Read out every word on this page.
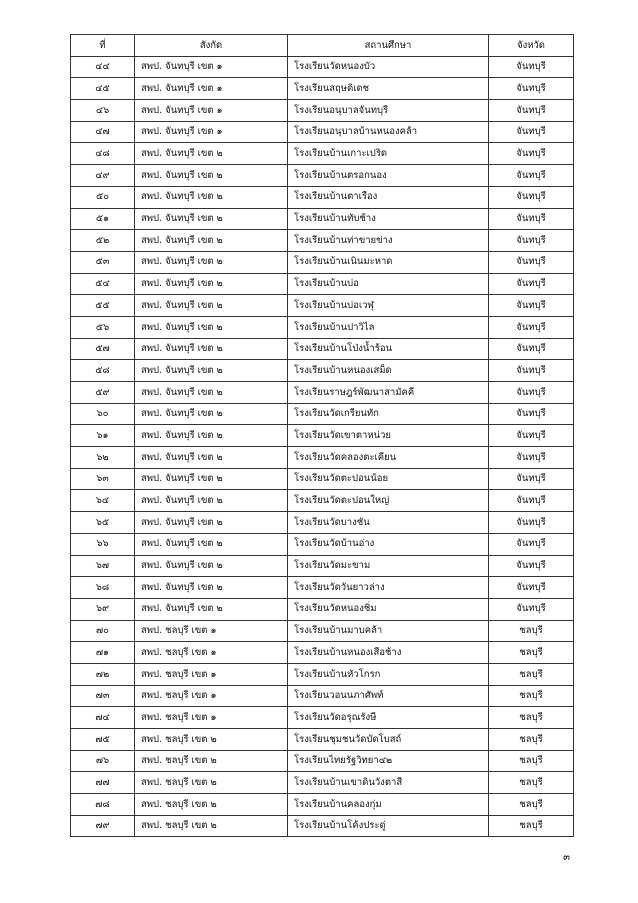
ที่	สังกัด	สถานศึกษา	จังหวัด
๔๔	สพป. จันทบุรี เขต ๑	โรงเรียนวัดหนองบัว	จันทบุรี
๔๕	สพป. จันทบุรี เขต ๑	โรงเรียนสฤษดิเดช	จันทบุรี
๔๖	สพป. จันทบุรี เขต ๑	โรงเรียนอนุบาลจันทบุรี	จันทบุรี
๔๗	สพป. จันทบุรี เขต ๑	โรงเรียนอนุบาลบ้านหนองคล้า	จันทบุรี
๔๘	สพป. จันทบุรี เขต ๒	โรงเรียนบ้านเกาะเปริด	จันทบุรี
๔๙	สพป. จันทบุรี เขต ๒	โรงเรียนบ้านตรอกนอง	จันทบุรี
๕๐	สพป. จันทบุรี เขต ๒	โรงเรียนบ้านตาเรือง	จันทบุรี
๕๑	สพป. จันทบุรี เขต ๒	โรงเรียนบ้านทับช้าง	จันทบุรี
๕๒	สพป. จันทบุรี เขต ๒	โรงเรียนบ้านท่าขายข่าง	จันทบุรี
๕๓	สพป. จันทบุรี เขต ๒	โรงเรียนบ้านเนินมะหาด	จันทบุรี
๕๔	สพป. จันทบุรี เขต ๒	โรงเรียนบ้านบ่อ	จันทบุรี
๕๕	สพป. จันทบุรี เขต ๒	โรงเรียนบ้านบ่อเวฬุ	จันทบุรี
๕๖	สพป. จันทบุรี เขต ๒	โรงเรียนบ้านปาวิไล	จันทบุรี
๕๗	สพป. จันทบุรี เขต ๒	โรงเรียนบ้านโป่งน้ำร้อน	จันทบุรี
๕๘	สพป. จันทบุรี เขต ๒	โรงเรียนบ้านหนองเสม็ด	จันทบุรี
๕๙	สพป. จันทบุรี เขต ๒	โรงเรียนราษฎร์พัฒนาสามัคคี	จันทบุรี
๖๐	สพป. จันทบุรี เขต ๒	โรงเรียนวัดเกรียนทัก	จันทบุรี
๖๑	สพป. จันทบุรี เขต ๒	โรงเรียนวัดเขาตาหน่วย	จันทบุรี
๖๒	สพป. จันทบุรี เขต ๒	โรงเรียนวัดคลองตะเคียน	จันทบุรี
๖๓	สพป. จันทบุรี เขต ๒	โรงเรียนวัดตะปอนน้อย	จันทบุรี
๖๔	สพป. จันทบุรี เขต ๒	โรงเรียนวัดตะปอนใหญ่	จันทบุรี
๖๕	สพป. จันทบุรี เขต ๒	โรงเรียนวัดบางชัน	จันทบุรี
๖๖	สพป. จันทบุรี เขต ๒	โรงเรียนวัดบ้านอ่าง	จันทบุรี
๖๗	สพป. จันทบุรี เขต ๒	โรงเรียนวัดมะขาม	จันทบุรี
๖๘	สพป. จันทบุรี เขต ๒	โรงเรียนวัดวันยาวล่าง	จันทบุรี
๖๙	สพป. จันทบุรี เขต ๒	โรงเรียนวัดหนองชิ่ม	จันทบุรี
๗๐	สพป. ชลบุรี เขต ๑	โรงเรียนบ้านมาบคล้า	ชลบุรี
๗๑	สพป. ชลบุรี เขต ๑	โรงเรียนบ้านหนองเสือช้าง	ชลบุรี
๗๒	สพป. ชลบุรี เขต ๑	โรงเรียนบ้านหัวโกรก	ชลบุรี
๗๓	สพป. ชลบุรี เขต ๑	โรงเรียนวอนนภาศัพท์	ชลบุรี
๗๔	สพป. ชลบุรี เขต ๑	โรงเรียนวัดอรุณรังษี	ชลบุรี
๗๕	สพป. ชลบุรี เขต ๒	โรงเรียนชุมชนวัดบัดโบสถ์	ชลบุรี
๗๖	สพป. ชลบุรี เขต ๒	โรงเรียนไทยรัฐวิทยา๔๒	ชลบุรี
๗๗	สพป. ชลบุรี เขต ๒	โรงเรียนบ้านเขาดินวังตาสี	ชลบุรี
๗๘	สพป. ชลบุรี เขต ๒	โรงเรียนบ้านคลองกุ่ม	ชลบุรี
๗๙	สพป. ชลบุรี เขต ๒	โรงเรียนบ้านโค้งประดู่	ชลบุรี
๓
